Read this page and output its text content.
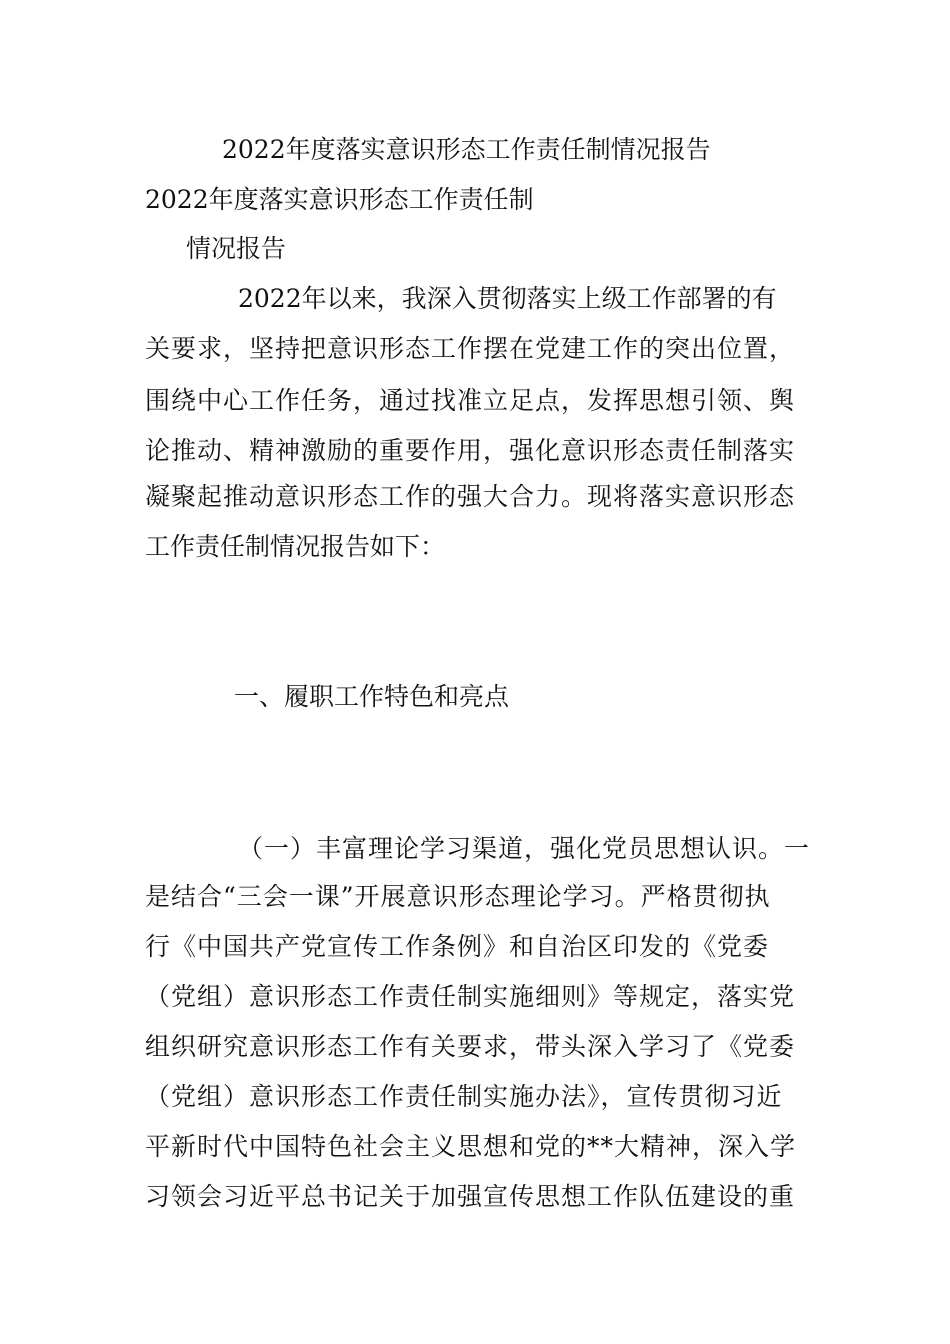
2022年度落实意识形态工作责任制情况报告
2022年度落实意识形态工作责任制
情况报告
2022年以来，我深入贯彻落实上级工作部署的有
关要求，坚持把意识形态工作摆在党建工作的突出位置，
围绕中心工作任务，通过找准立足点，发挥思想引领、舆
论推动、精神激励的重要作用，强化意识形态责任制落实
凝聚起推动意识形态工作的强大合力。现将落实意识形态
工作责任制情况报告如下：
一、履职工作特色和亮点
（一）丰富理论学习渠道，强化党员思想认识。一
是结合“三会一课”开展意识形态理论学习。严格贯彻执
行《中国共产党宣传工作条例》和自治区印发的《党委
（党组）意识形态工作责任制实施细则》等规定，落实党
组织研究意识形态工作有关要求，带头深入学习了《党委
（党组）意识形态工作责任制实施办法》，宣传贯彻习近
平新时代中国特色社会主义思想和党的**大精神，深入学
习领会习近平总书记关于加强宣传思想工作队伍建设的重
